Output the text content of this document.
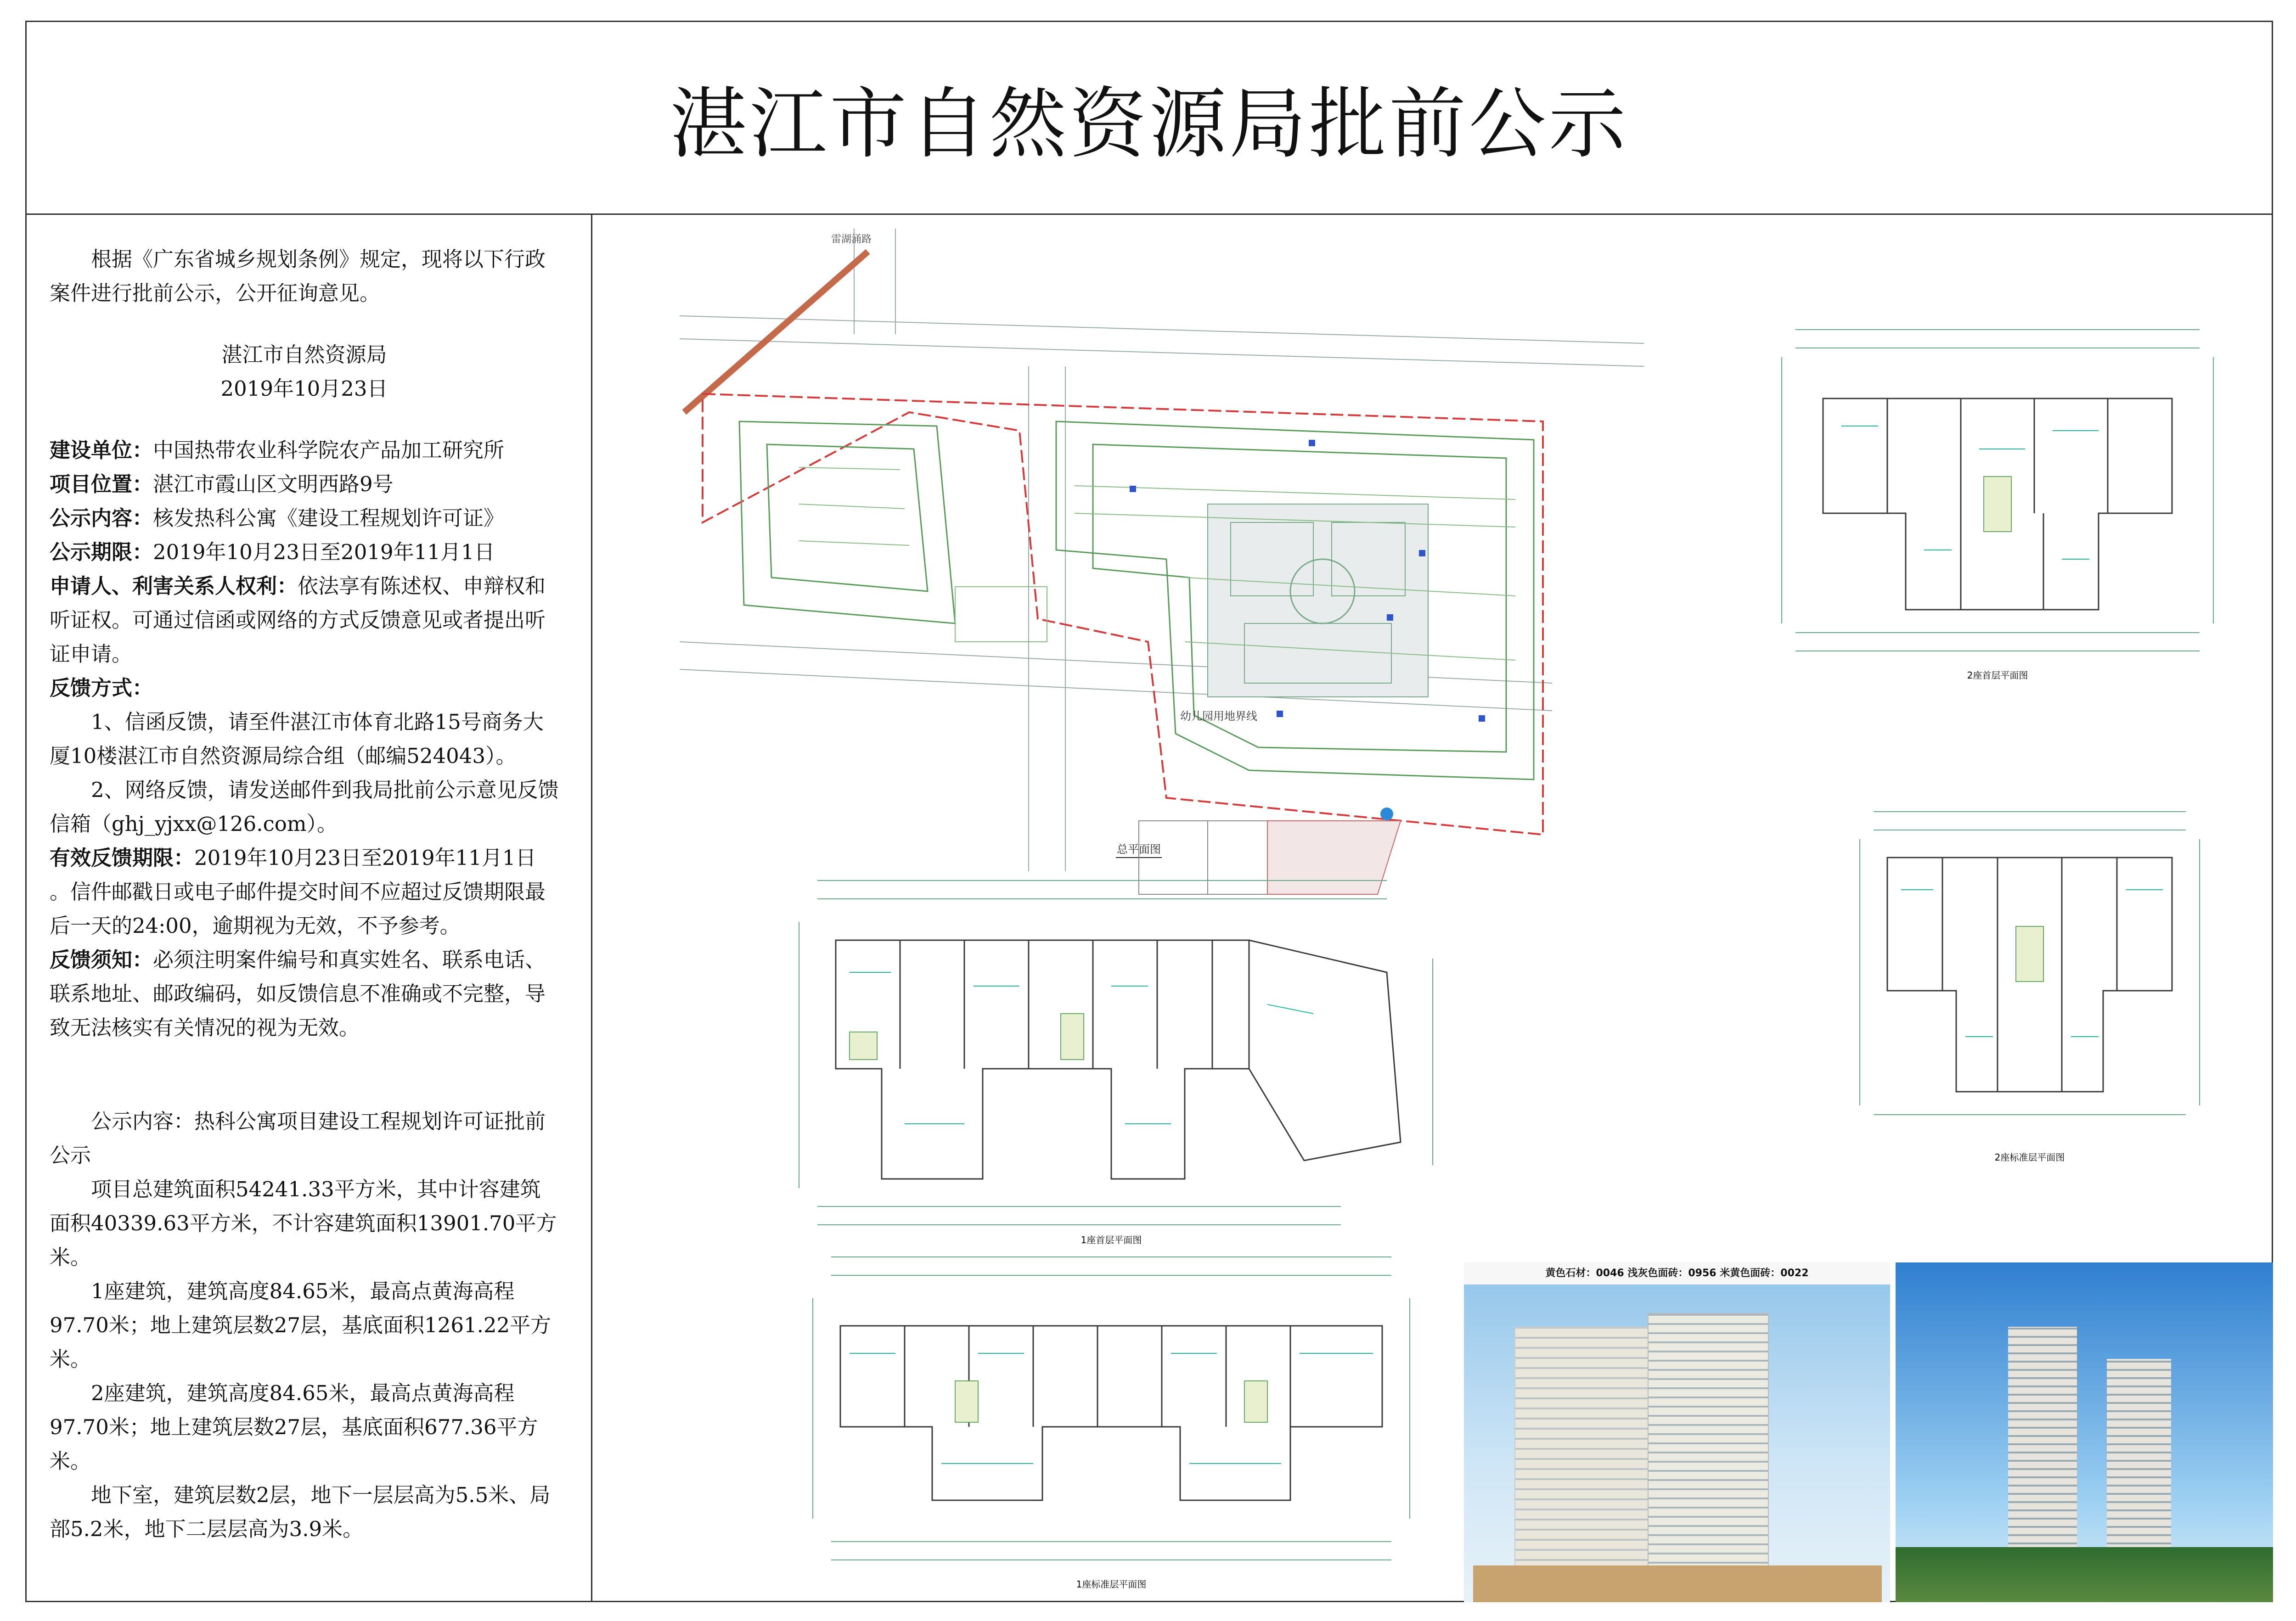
湛江市自然资源局批前公示

根据《广东省城乡规划条例》规定，现将以下行政案件进行批前公示，公开征询意见。

湛江市自然资源局

2019年10月23日

建设单位：中国热带农业科学院农产品加工研究所

项目位置：湛江市霞山区文明西路9号

公示内容：核发热科公寓《建设工程规划许可证》

公示期限：2019年10月23日至2019年11月1日

申请人、利害关系人权利：依法享有陈述权、申辩权和听证权。可通过信函或网络的方式反馈意见或者提出听证申请。

反馈方式：

1、信函反馈，请至件湛江市体育北路15号商务大厦10楼湛江市自然资源局综合组（邮编524043）。

2、网络反馈，请发送邮件到我局批前公示意见反馈信箱（ghj_yjxx@126.com）。

有效反馈期限：2019年10月23日至2019年11月1日

。信件邮戳日或电子邮件提交时间不应超过反馈期限最后一天的24:00，逾期视为无效，不予参考。

反馈须知：必须注明案件编号和真实姓名、联系电话、联系地址、邮政编码，如反馈信息不准确或不完整，导致无法核实有关情况的视为无效。

公示内容：热科公寓项目建设工程规划许可证批前公示

项目总建筑面积54241.33平方米，其中计容建筑面积40339.63平方米，不计容建筑面积13901.70平方米。

1座建筑，建筑高度84.65米，最高点黄海高程97.70米；地上建筑层数27层，基底面积1261.22平方米。

2座建筑，建筑高度84.65米，最高点黄海高程97.70米；地上建筑层数27层，基底面积677.36平方米。

地下室，建筑层数2层，地下一层层高为5.5米、局部5.2米，地下二层层高为3.9米。

雷湖涌路
幼儿园用地界线
总平面图
2座首层平面图
2座标准层平面图
1座首层平面图
1座标准层平面图
黄色石材：0046 浅灰色面砖：0956 米黄色面砖：0022
